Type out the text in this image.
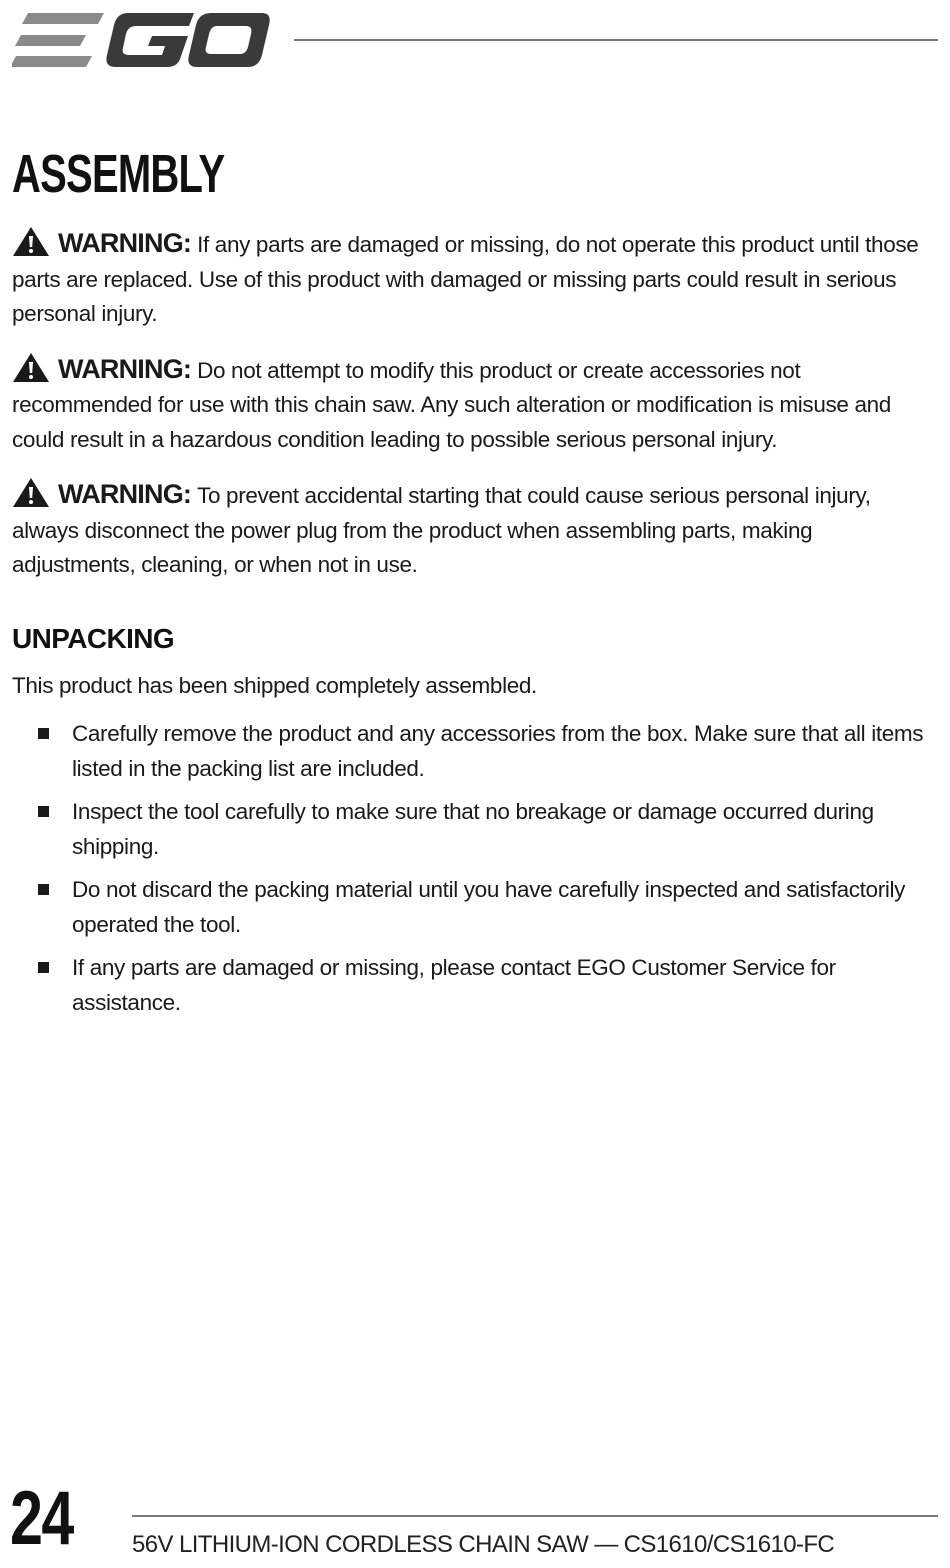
ASSEMBLY

WARNING: If any parts are damaged or missing, do not operate this product until those parts are replaced. Use of this product with damaged or missing parts could result in serious personal injury.

WARNING: Do not attempt to modify this product or create accessories not recommended for use with this chain saw. Any such alteration or modification is misuse and could result in a hazardous condition leading to possible serious personal injury.

WARNING: To prevent accidental starting that could cause serious personal injury, always disconnect the power plug from the product when assembling parts, making adjustments, cleaning, or when not in use.

UNPACKING

This product has been shipped completely assembled.

Carefully remove the product and any accessories from the box. Make sure that all items listed in the packing list are included.
Inspect the tool carefully to make sure that no breakage or damage occurred during shipping.
Do not discard the packing material until you have carefully inspected and satisfactorily operated the tool.
If any parts are damaged or missing, please contact EGO Customer Service for assistance.
24 56V LITHIUM-ION CORDLESS CHAIN SAW — CS1610/CS1610-FC
